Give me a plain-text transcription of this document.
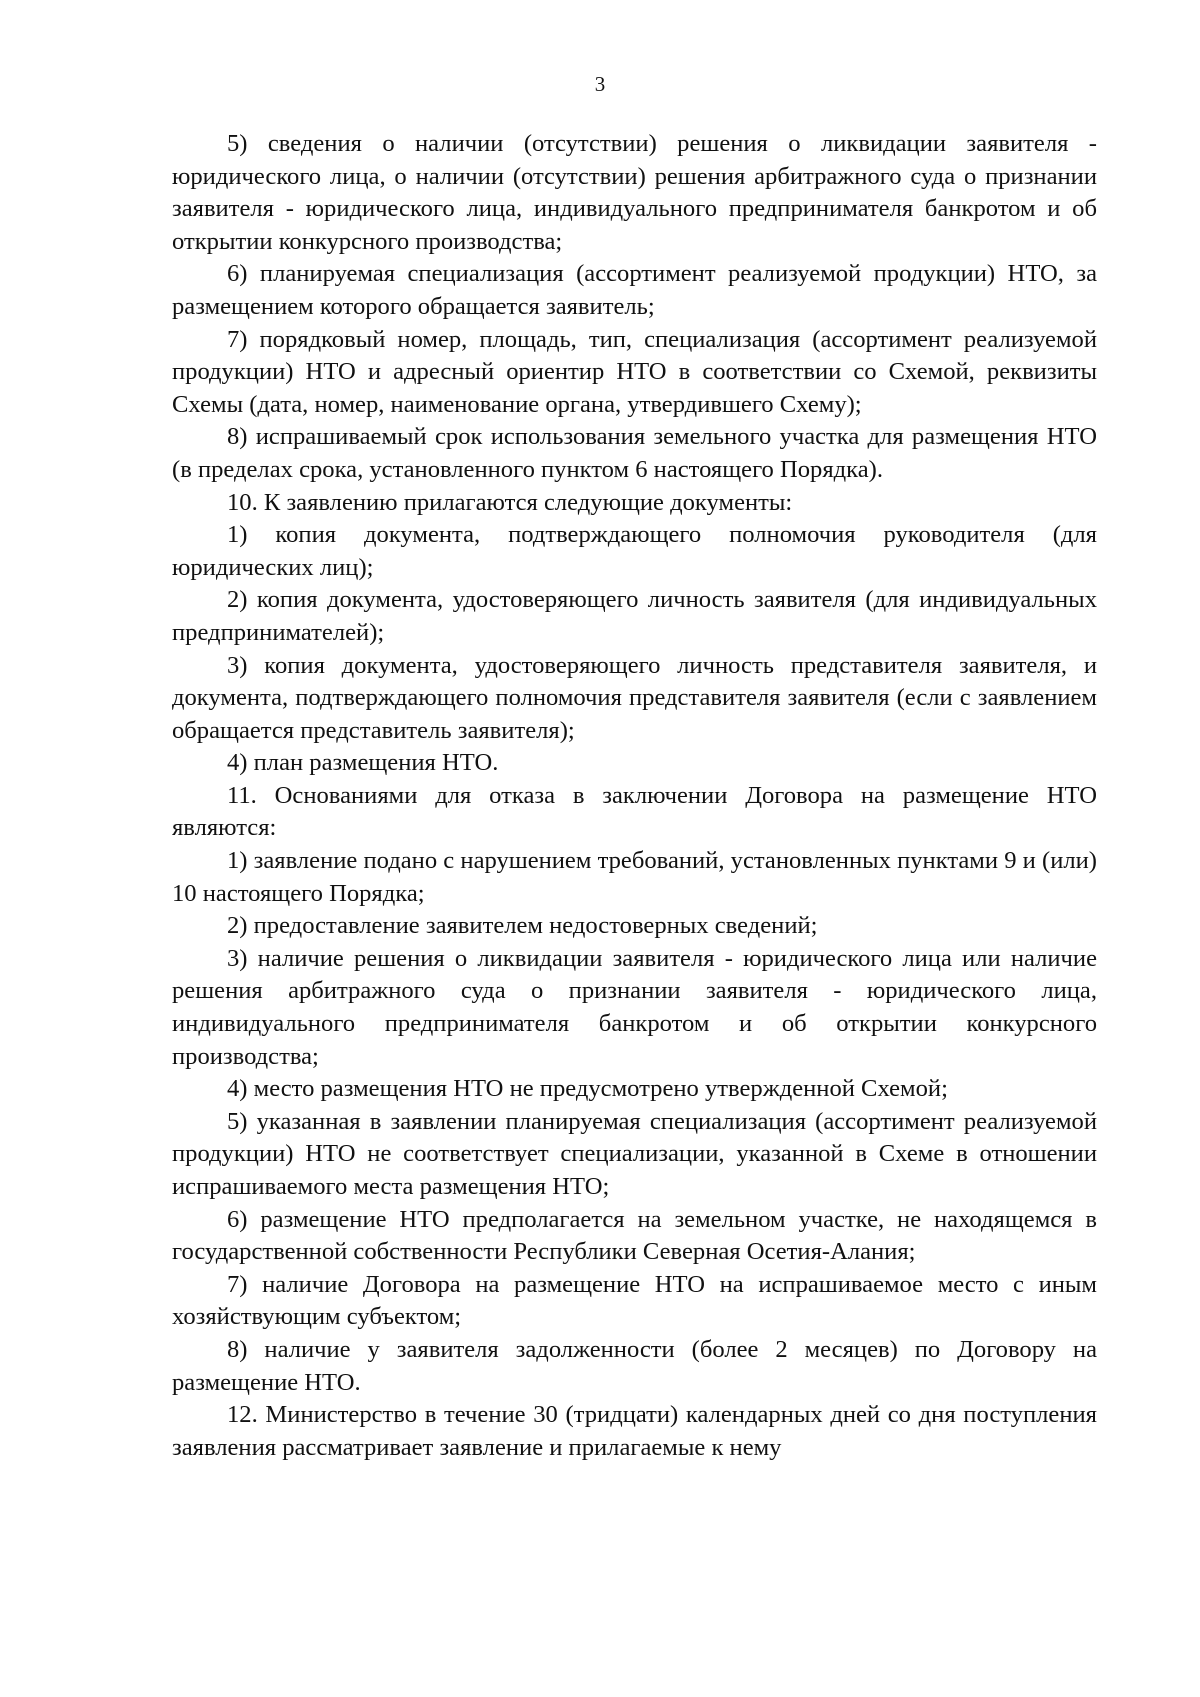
3

5) сведения о наличии (отсутствии) решения о ликвидации заявителя - юридического лица, о наличии (отсутствии) решения арбитражного суда о признании заявителя - юридического лица, индивидуального предпринимателя банкротом и об открытии конкурсного производства;

6) планируемая специализация (ассортимент реализуемой продукции) НТО, за размещением которого обращается заявитель;

7) порядковый номер, площадь, тип, специализация (ассортимент реализуемой продукции) НТО и адресный ориентир НТО в соответствии со Схемой, реквизиты Схемы (дата, номер, наименование органа, утвердившего Схему);

8) испрашиваемый срок использования земельного участка для размещения НТО (в пределах срока, установленного пунктом 6 настоящего Порядка).

10. К заявлению прилагаются следующие документы:

1) копия документа, подтверждающего полномочия руководителя (для юридических лиц);

2) копия документа, удостоверяющего личность заявителя (для индивидуальных предпринимателей);

3) копия документа, удостоверяющего личность представителя заявителя, и документа, подтверждающего полномочия представителя заявителя (если с заявлением обращается представитель заявителя);

4) план размещения НТО.

11. Основаниями для отказа в заключении Договора на размещение НТО являются:

1) заявление подано с нарушением требований, установленных пунктами 9 и (или) 10 настоящего Порядка;

2) предоставление заявителем недостоверных сведений;

3) наличие решения о ликвидации заявителя - юридического лица или наличие решения арбитражного суда о признании заявителя - юридического лица, индивидуального предпринимателя банкротом и об открытии конкурсного производства;

4) место размещения НТО не предусмотрено утвержденной Схемой;

5) указанная в заявлении планируемая специализация (ассортимент реализуемой продукции) НТО не соответствует специализации, указанной в Схеме в отношении испрашиваемого места размещения НТО;

6) размещение НТО предполагается на земельном участке, не находящемся в государственной собственности Республики Северная Осетия-Алания;

7) наличие Договора на размещение НТО на испрашиваемое место с иным хозяйствующим субъектом;

8) наличие у заявителя задолженности (более 2 месяцев) по Договору на размещение НТО.

12. Министерство в течение 30 (тридцати) календарных дней со дня поступления заявления рассматривает заявление и прилагаемые к нему
